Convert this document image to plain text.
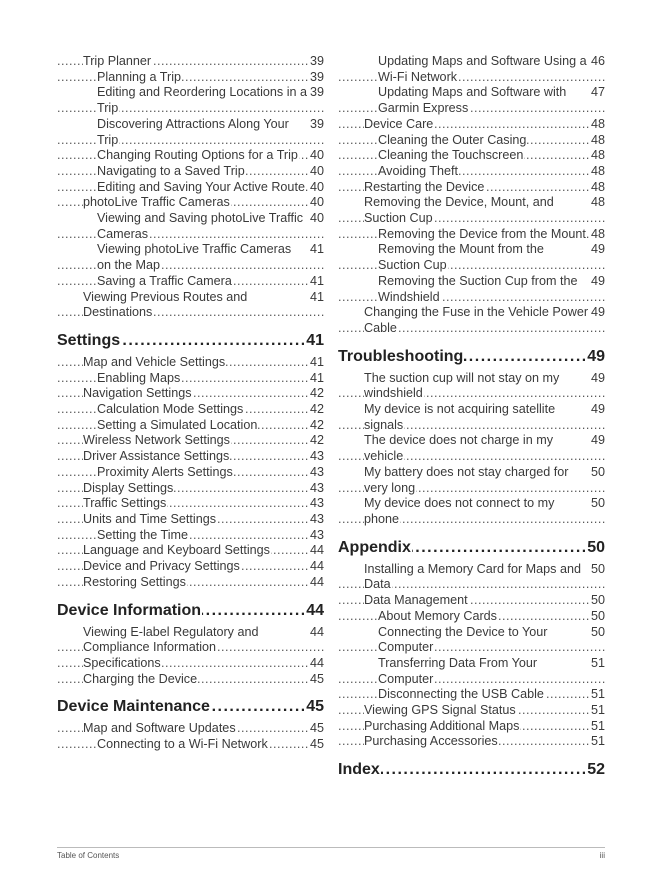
39
Trip Planner .....
39
Planning a Trip .....
39
Editing and Reordering Locations in a Trip .....
39
Discovering Attractions Along Your Trip .....
40
Changing Routing Options for a Trip .....
40
Navigating to a Saved Trip .....
40
Editing and Saving Your Active Route .....
40
photoLive Traffic Cameras .....
40
Viewing and Saving photoLive Traffic Cameras .....
41
Viewing photoLive Traffic Cameras on the Map .....
41
Saving a Traffic Camera .....
41
Viewing Previous Routes and Destinations .....
41
Settings .....
41
Map and Vehicle Settings .....
41
Enabling Maps .....
42
Navigation Settings .....
42
Calculation Mode Settings .....
42
Setting a Simulated Location .....
42
Wireless Network Settings .....
43
Driver Assistance Settings .....
43
Proximity Alerts Settings .....
43
Display Settings .....
43
Traffic Settings .....
43
Units and Time Settings .....
43
Setting the Time .....
44
Language and Keyboard Settings .....
44
Device and Privacy Settings .....
44
Restoring Settings .....
44
Device Information .....
44
Viewing E-label Regulatory and Compliance Information .....
44
Specifications .....
45
Charging the Device .....
45
Device Maintenance .....
45
Map and Software Updates .....
45
Connecting to a Wi-Fi Network .....
46
Updating Maps and Software Using a Wi-Fi Network .....
47
Updating Maps and Software with Garmin Express .....
48
Device Care .....
48
Cleaning the Outer Casing .....
48
Cleaning the Touchscreen .....
48
Avoiding Theft .....
48
Restarting the Device .....
48
Removing the Device, Mount, and Suction Cup .....
48
Removing the Device from the Mount .....
49
Removing the Mount from the Suction Cup .....
49
Removing the Suction Cup from the Windshield .....
49
Changing the Fuse in the Vehicle Power Cable .....
49
Troubleshooting .....
49
The suction cup will not stay on my windshield .....
49
My device is not acquiring satellite signals .....
49
The device does not charge in my vehicle .....
50
My battery does not stay charged for very long .....
50
My device does not connect to my phone .....
50
Appendix .....
50
Installing a Memory Card for Maps and Data .....
50
Data Management .....
50
About Memory Cards .....
50
Connecting the Device to Your Computer .....
51
Transferring Data From Your Computer .....
51
Disconnecting the USB Cable .....
51
Viewing GPS Signal Status .....
51
Purchasing Additional Maps .....
51
Purchasing Accessories .....
52
Index .....
Table of Contents	iii
